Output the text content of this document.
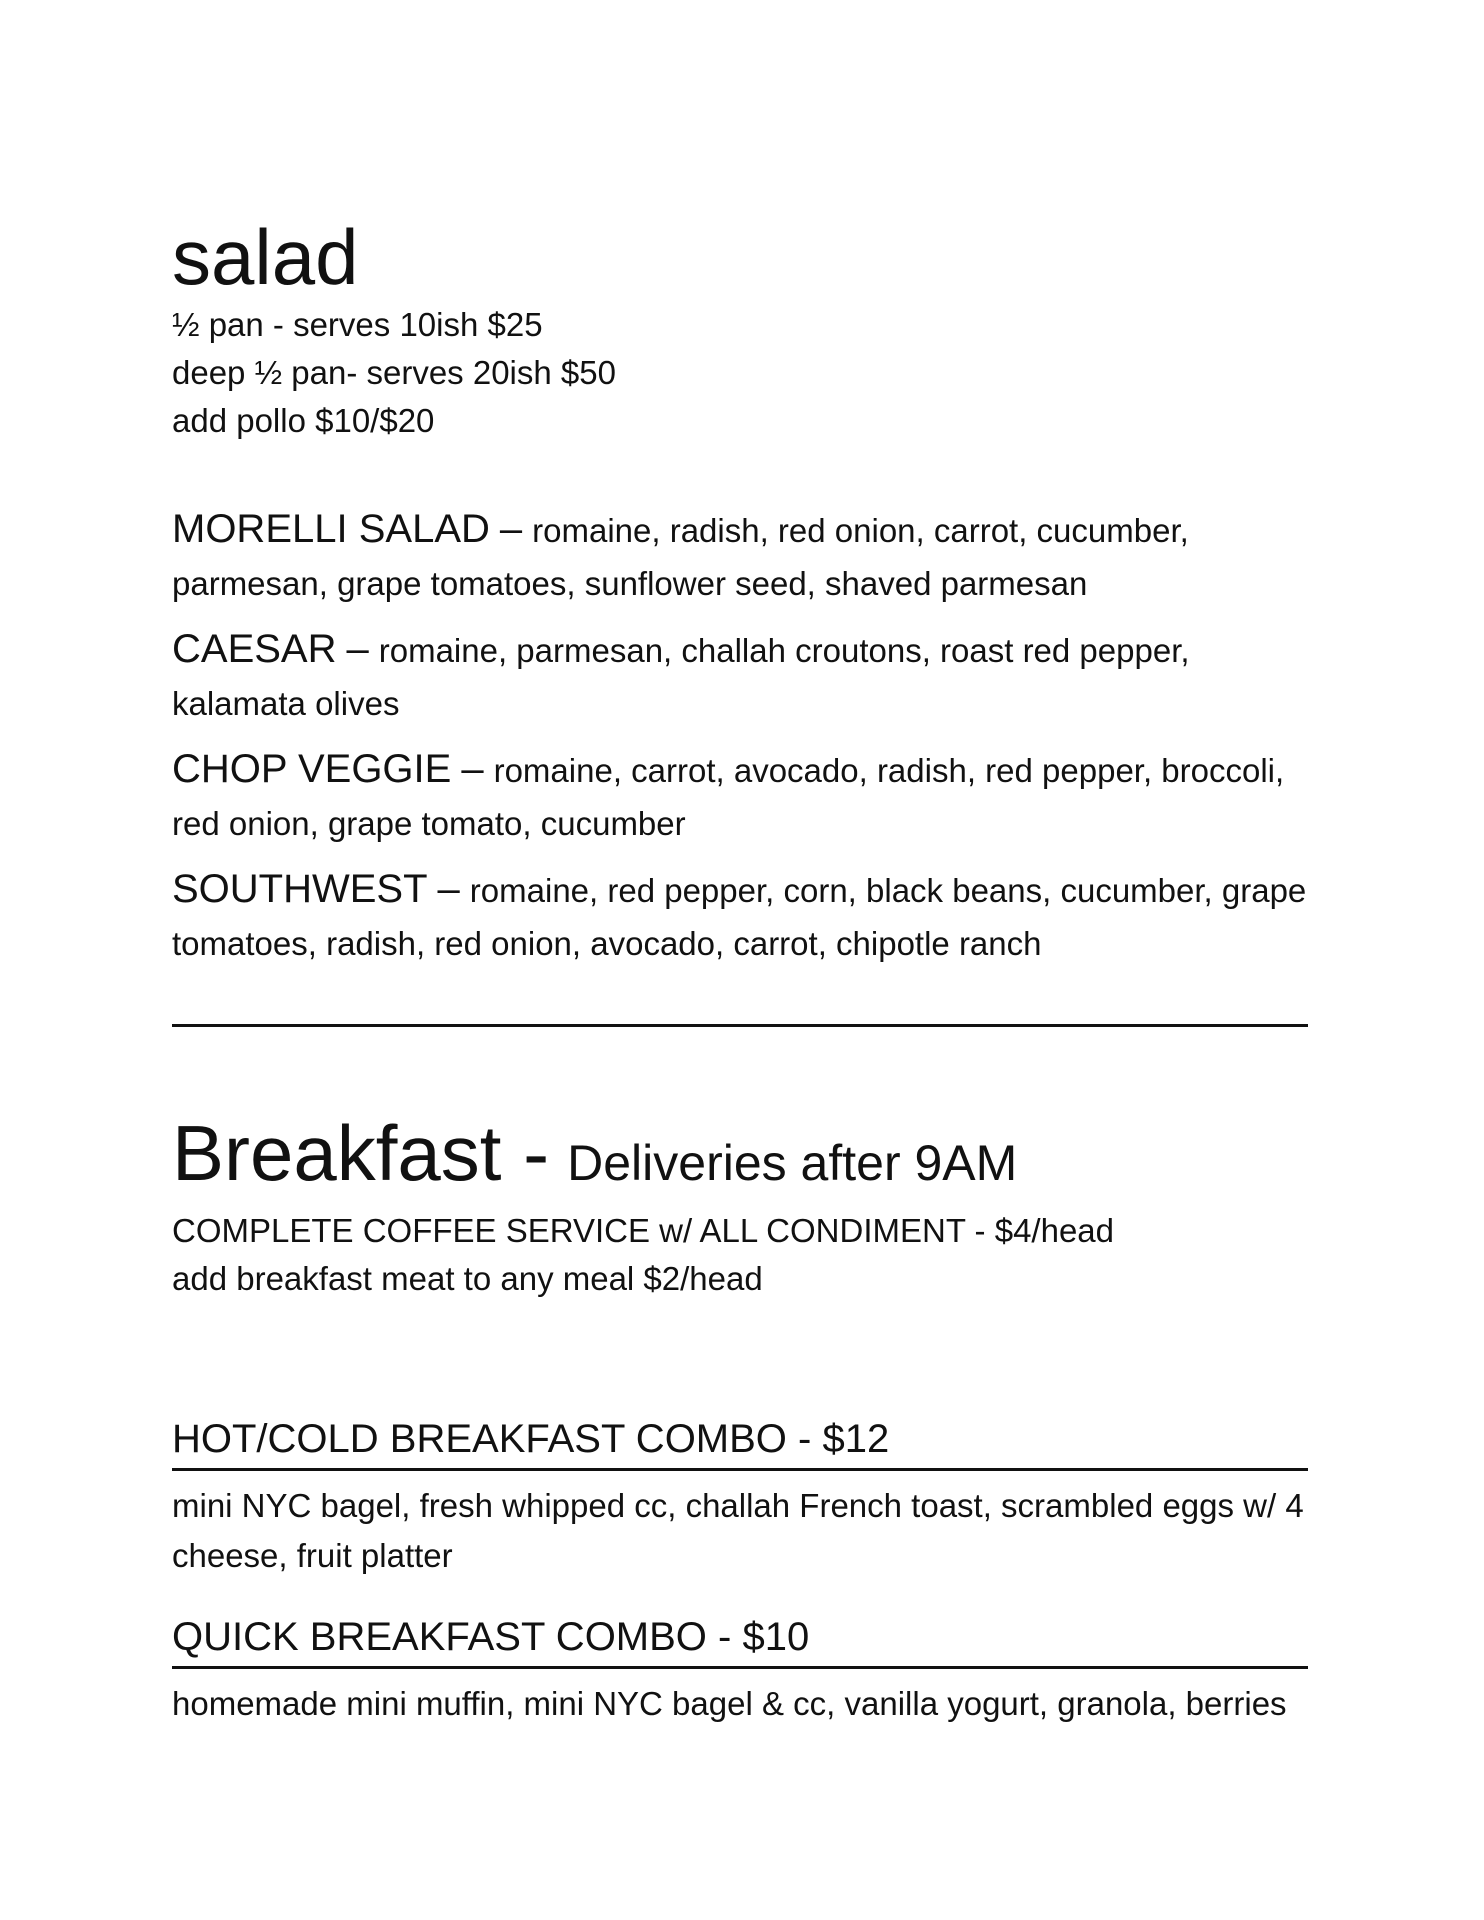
salad

½ pan - serves 10ish $25

deep ½ pan- serves 20ish $50

add pollo $10/$20

MORELLI SALAD – romaine, radish, red onion, carrot, cucumber, parmesan, grape tomatoes, sunflower seed, shaved parmesan

CAESAR – romaine, parmesan, challah croutons, roast red pepper, kalamata olives

CHOP VEGGIE – romaine, carrot, avocado, radish, red pepper, broccoli, red onion, grape tomato, cucumber

SOUTHWEST – romaine, red pepper, corn, black beans, cucumber, grape tomatoes, radish, red onion, avocado, carrot, chipotle ranch

Breakfast - Deliveries after 9AM

COMPLETE COFFEE SERVICE w/ ALL CONDIMENT - $4/head

add breakfast meat to any meal $2/head

HOT/COLD BREAKFAST COMBO - $12

mini NYC bagel, fresh whipped cc, challah French toast, scrambled eggs w/ 4 cheese, fruit platter

QUICK BREAKFAST COMBO - $10

homemade mini muffin, mini NYC bagel & cc, vanilla yogurt, granola, berries
